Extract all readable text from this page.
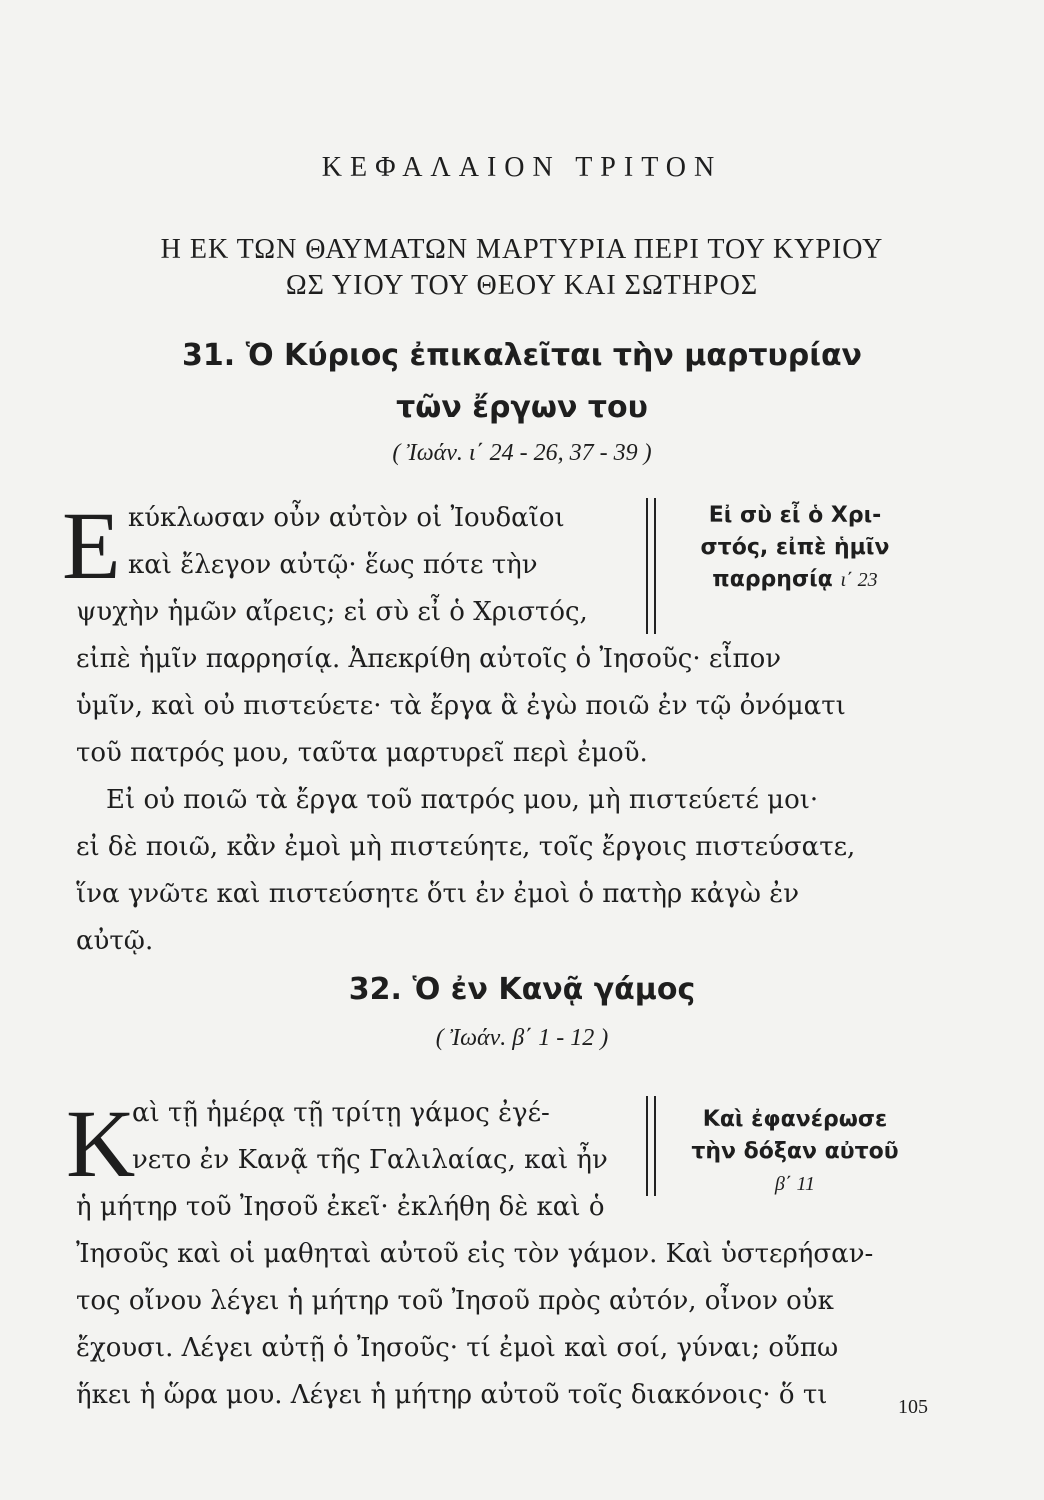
ΚΕΦΑΛΑΙΟΝ ΤΡΙΤΟΝ
Η ΕΚ ΤΩΝ ΘΑΥΜΑΤΩΝ ΜΑΡΤΥΡΙΑ ΠΕΡΙ ΤΟΥ ΚΥΡΙΟΥ
ΩΣ ΥΙΟΥ ΤΟΥ ΘΕΟΥ ΚΑΙ ΣΩΤΗΡΟΣ
31. Ὁ Κύριος ἐπικαλεῖται τὴν μαρτυρίαν
τῶν ἔργων του
( Ἰωάν. ι΄ 24 - 26, 37 - 39 )
Ε κύκλωσαν οὖν αὐτὸν οἱ Ἰουδαῖοι
καὶ ἔλεγον αὐτῷ· ἕως πότε τὴν
ψυχὴν ἡμῶν αἴρεις; εἰ σὺ εἶ ὁ Χριστός,
εἰπὲ ἡμῖν παρρησίᾳ. Ἀπεκρίθη αὐτοῖς ὁ Ἰησοῦς· εἶπον
ὑμῖν, καὶ οὐ πιστεύετε· τὰ ἔργα ἃ ἐγὼ ποιῶ ἐν τῷ ὀνόματι
τοῦ πατρός μου, ταῦτα μαρτυρεῖ περὶ ἐμοῦ.
Εἰ οὐ ποιῶ τὰ ἔργα τοῦ πατρός μου, μὴ πιστεύετέ μοι·
εἰ δὲ ποιῶ, κἂν ἐμοὶ μὴ πιστεύητε, τοῖς ἔργοις πιστεύσατε,
ἵνα γνῶτε καὶ πιστεύσητε ὅτι ἐν ἐμοὶ ὁ πατὴρ κἀγὼ ἐν
αὐτῷ.
Εἰ σὺ εἶ ὁ Χρι-
στός, εἰπὲ ἡμῖν
παρρησίᾳ ι΄ 23
32. Ὁ ἐν Κανᾷ γάμος
( Ἰωάν. β΄ 1 - 12 )
Κ
αὶ τῇ ἡμέρᾳ τῇ τρίτῃ γάμος ἐγέ-
νετο ἐν Κανᾷ τῆς Γαλιλαίας, καὶ ἦν
ἡ μήτηρ τοῦ Ἰησοῦ ἐκεῖ· ἐκλήθη δὲ καὶ ὁ
Ἰησοῦς καὶ οἱ μαθηταὶ αὐτοῦ εἰς τὸν γάμον. Καὶ ὑστερήσαν-
τος οἴνου λέγει ἡ μήτηρ τοῦ Ἰησοῦ πρὸς αὐτόν, οἶνον οὐκ
ἔχουσι. Λέγει αὐτῇ ὁ Ἰησοῦς· τί ἐμοὶ καὶ σοί, γύναι; οὔπω
ἥκει ἡ ὥρα μου. Λέγει ἡ μήτηρ αὐτοῦ τοῖς διακόνοις· ὅ τι
Καὶ ἐφανέρωσε
τὴν δόξαν αὐτοῦ
β΄ 11
105
